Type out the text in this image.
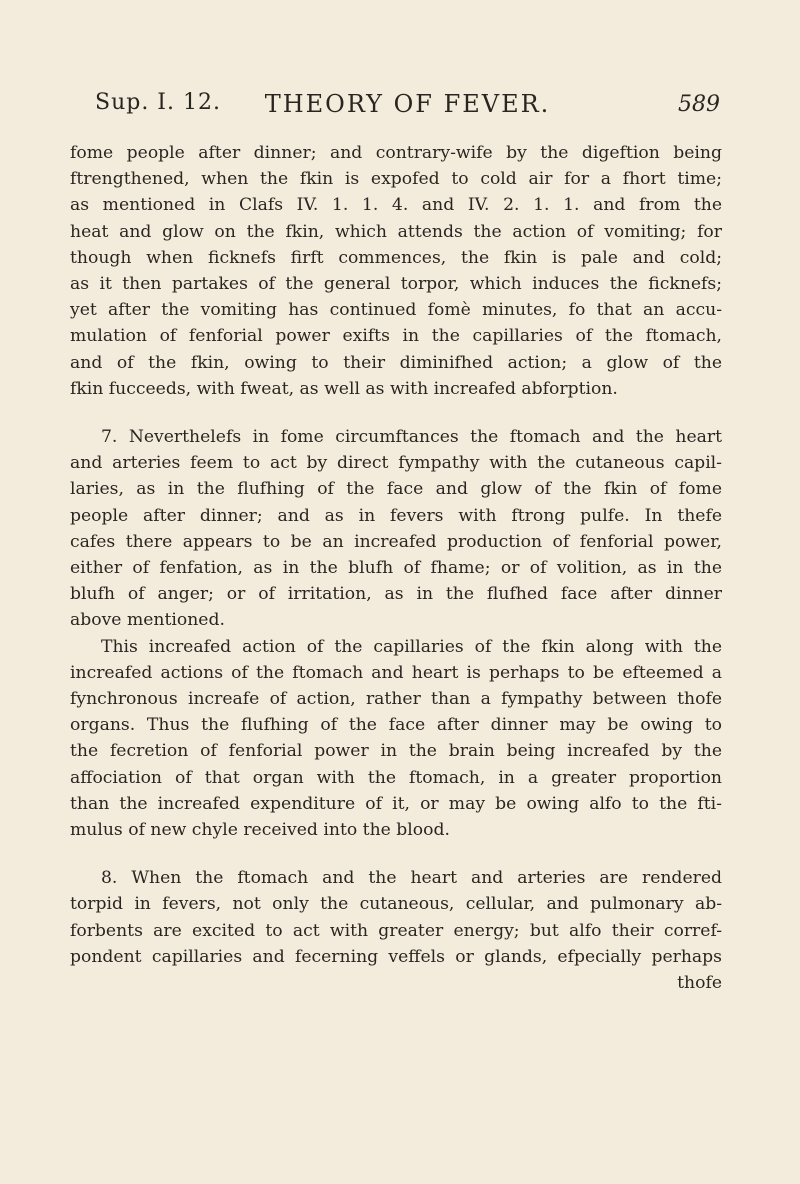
Sup. I. 12.	THEORY OF FEVER.	589
fome people after dinner; and contrary-wife by the digeftion being
ftrengthened, when the fkin is expofed to cold air for a fhort time;
as mentioned in Clafs IV. 1. 1. 4. and IV. 2. 1. 1. and from the
heat and glow on the fkin, which attends the action of vomiting; for
though when ficknefs firft commences, the fkin is pale and cold;
as it then partakes of the general torpor, which induces the ficknefs;
yet after the vomiting has continued fomè minutes, fo that an accu-
mulation of fenforial power exifts in the capillaries of the ftomach,
and of the fkin, owing to their diminifhed action; a glow of the
fkin fucceeds, with fweat, as well as with increafed abforption.
7. Neverthelefs in fome circumftances the ftomach and the heart
and arteries feem to act by direct fympathy with the cutaneous capil-
laries, as in the flufhing of the face and glow of the fkin of fome
people after dinner; and as in fevers with ftrong pulfe. In thefe
cafes there appears to be an increafed production of fenforial power,
either of fenfation, as in the blufh of fhame; or of volition, as in the
blufh of anger; or of irritation, as in the flufhed face after dinner
above mentioned.
This increafed action of the capillaries of the fkin along with the
increafed actions of the ftomach and heart is perhaps to be efteemed a
fynchronous increafe of action, rather than a fympathy between thofe
organs. Thus the flufhing of the face after dinner may be owing to
the fecretion of fenforial power in the brain being increafed by the
affociation of that organ with the ftomach, in a greater proportion
than the increafed expenditure of it, or may be owing alfo to the fti-
mulus of new chyle received into the blood.
8. When the ftomach and the heart and arteries are rendered
torpid in fevers, not only the cutaneous, cellular, and pulmonary ab-
forbents are excited to act with greater energy; but alfo their corref-
pondent capillaries and fecerning veffels or glands, efpecially perhaps
thofe
